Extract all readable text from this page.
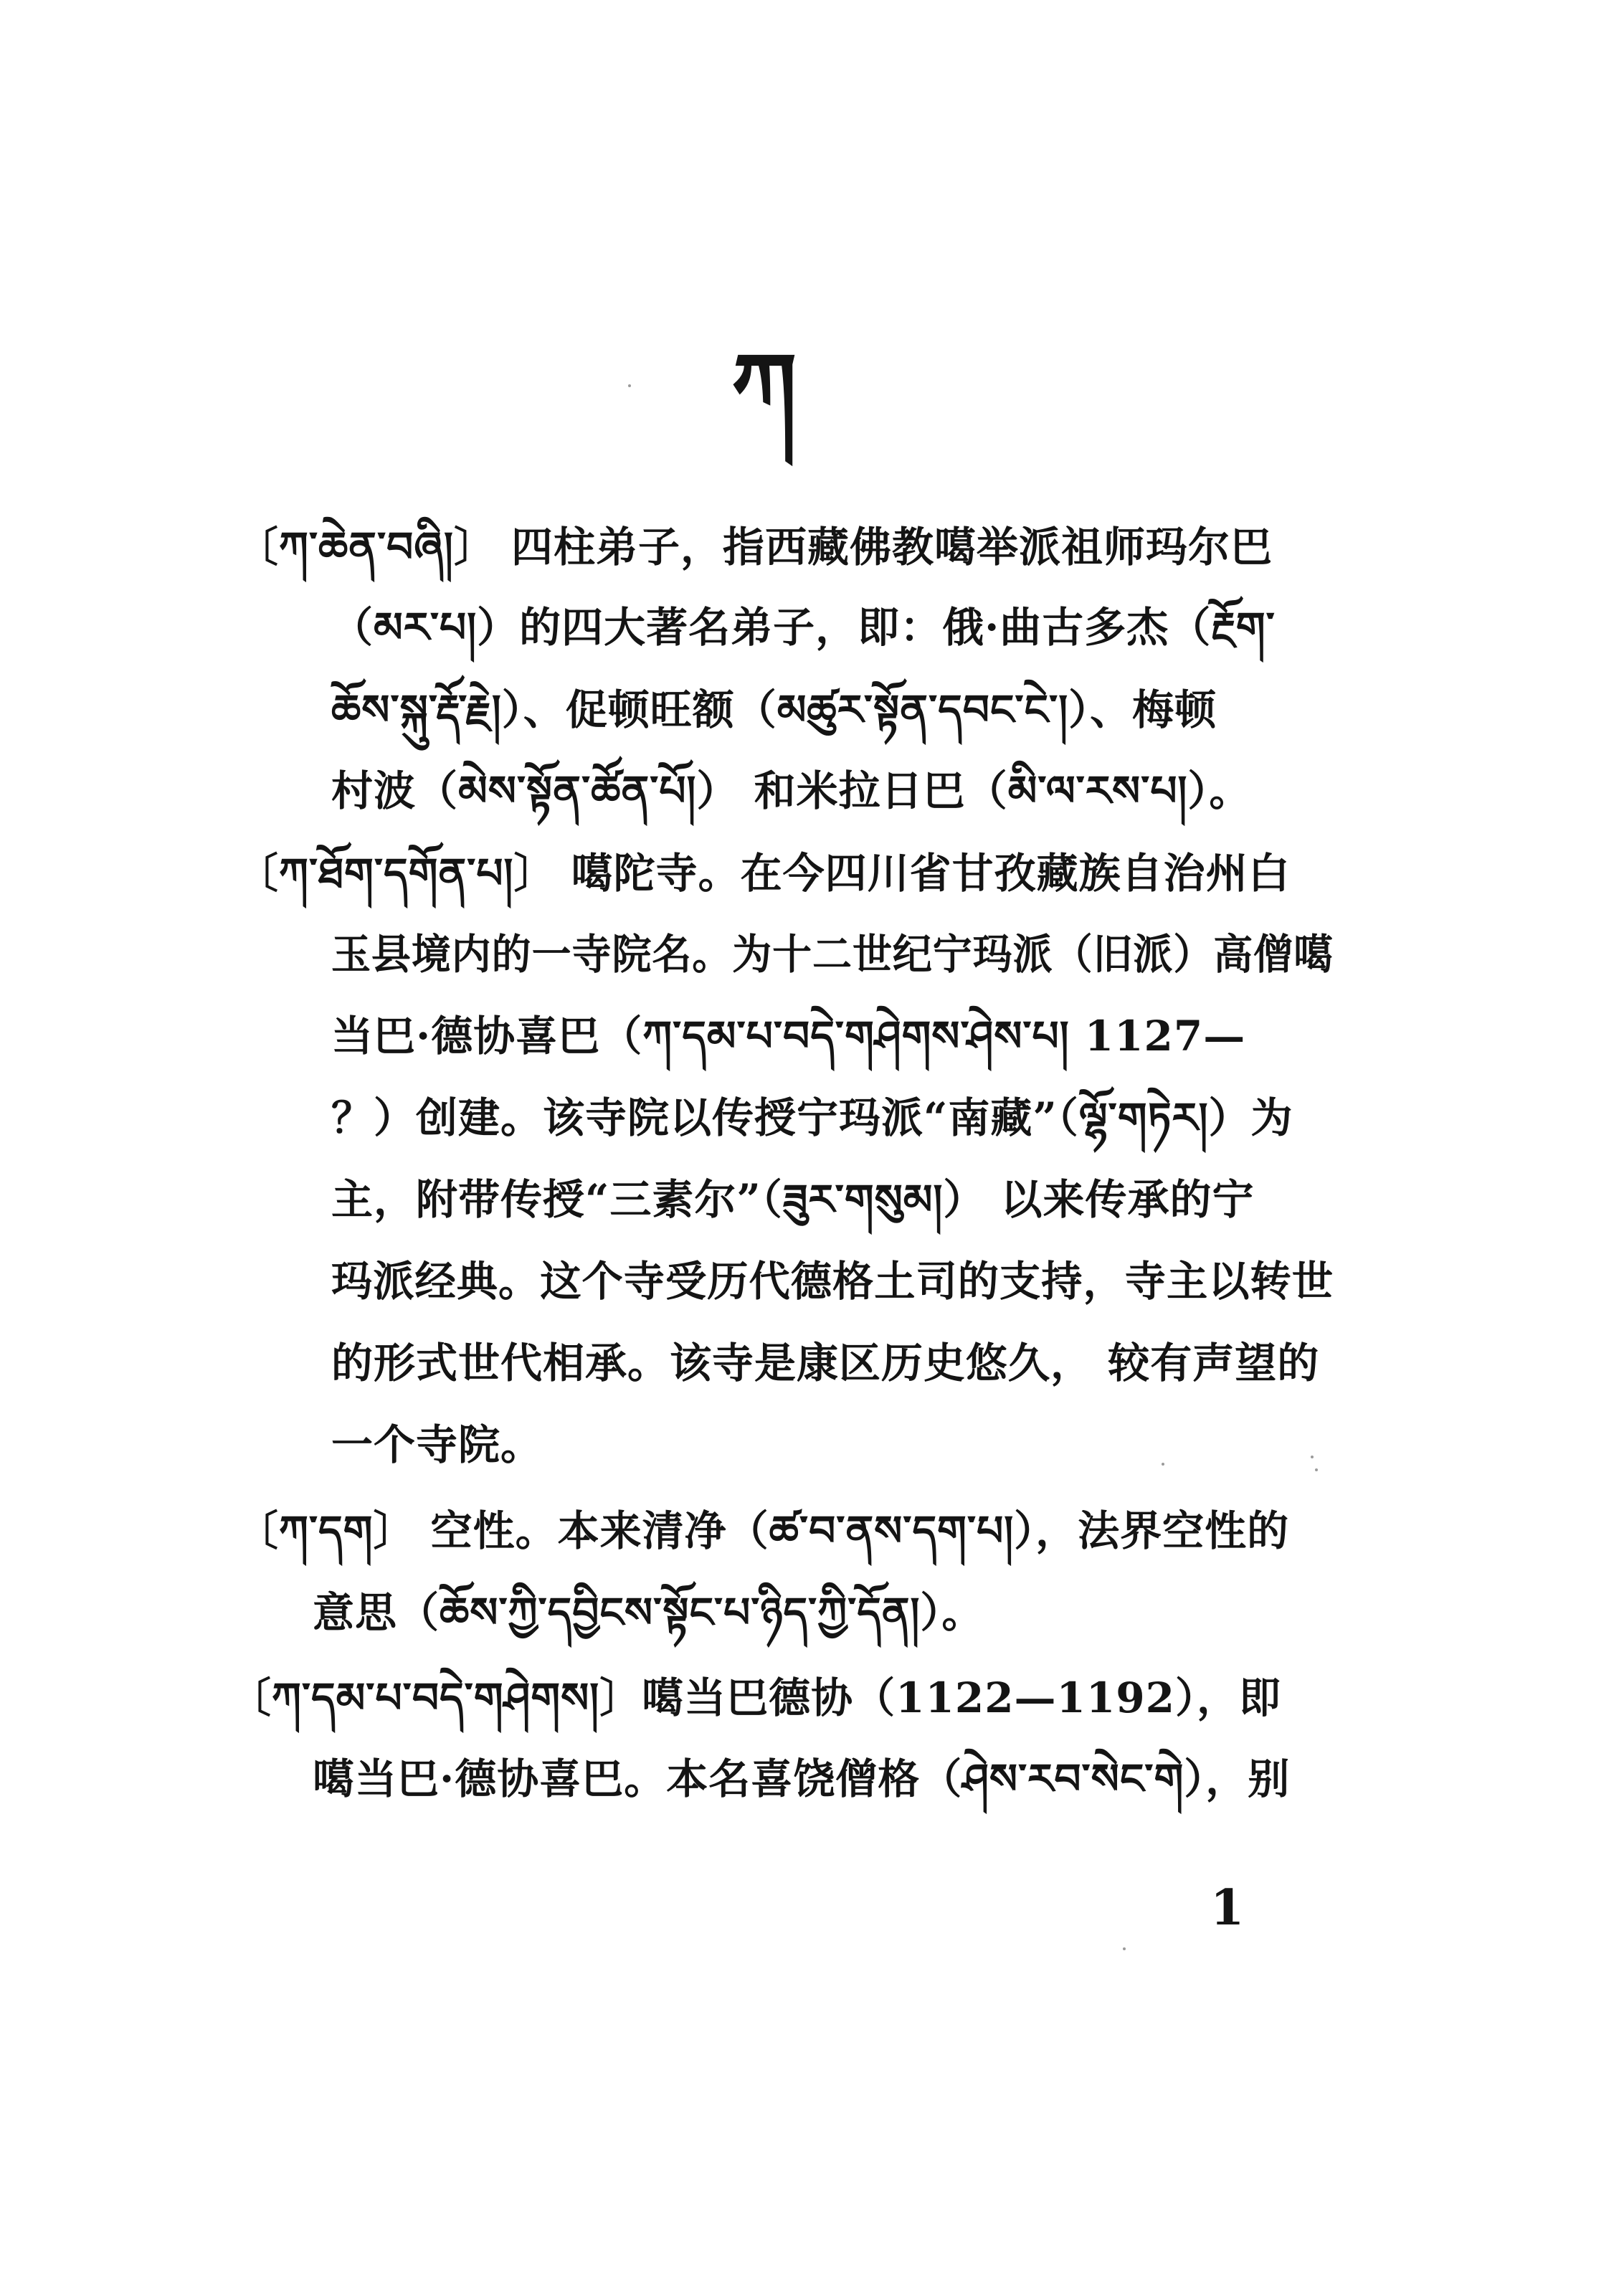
ཀ
〔ཀ་ཆེན་བཞི།〕 四柱弟子，指西藏佛教噶举派祖师玛尔巴
（མར་པ།）的四大著名弟子，即：俄·曲古多杰（རྔོག་
ཆོས་སྐུ་རྡོ་རྗེ།）、促顿旺额（མཚུར་སྟོན་དབང་ངེ་།）、梅顿
村波（མེས་སྟོན་ཚོན་པོ།） 和米拉日巴（མི་ལ་རས་པ།）。
〔ཀ་ཐོག་དགོན་པ།〕 噶陀寺。在今四川省甘孜藏族自治州白
玉县境内的一寺院名。为十二世纪宁玛派（旧派）高僧噶
当巴·德协喜巴（ཀ་དམ་པ་བདེ་གཤེགས་ཤེས་པ། 1127—
？）创建。该寺院以传授宁玛派“南藏”（ལྷོ་གཏེར།）为
主，附带传授“三素尔”（ཟུར་གསུམ།） 以来传承的宁
玛派经典。这个寺受历代德格土司的支持，寺主以转世
的形式世代相承。该寺是康区历史悠久， 较有声望的
一个寺院。
〔ཀ་དག〕 空性。本来清净（ཚ་བ་ནས་དག་པ།），法界空性的
意思（ཆོས་ཀྱི་དབྱིངས་སྟོང་པ་ཉིད་ཀྱི་དོན།）。
〔ཀ་དམ་པ་བདེ་གཤེགས།〕噶当巴德协（1122—1192），即
噶当巴·德协喜巴。本名喜饶僧格（ཤེས་རབ་སེང་གེ），别
1
